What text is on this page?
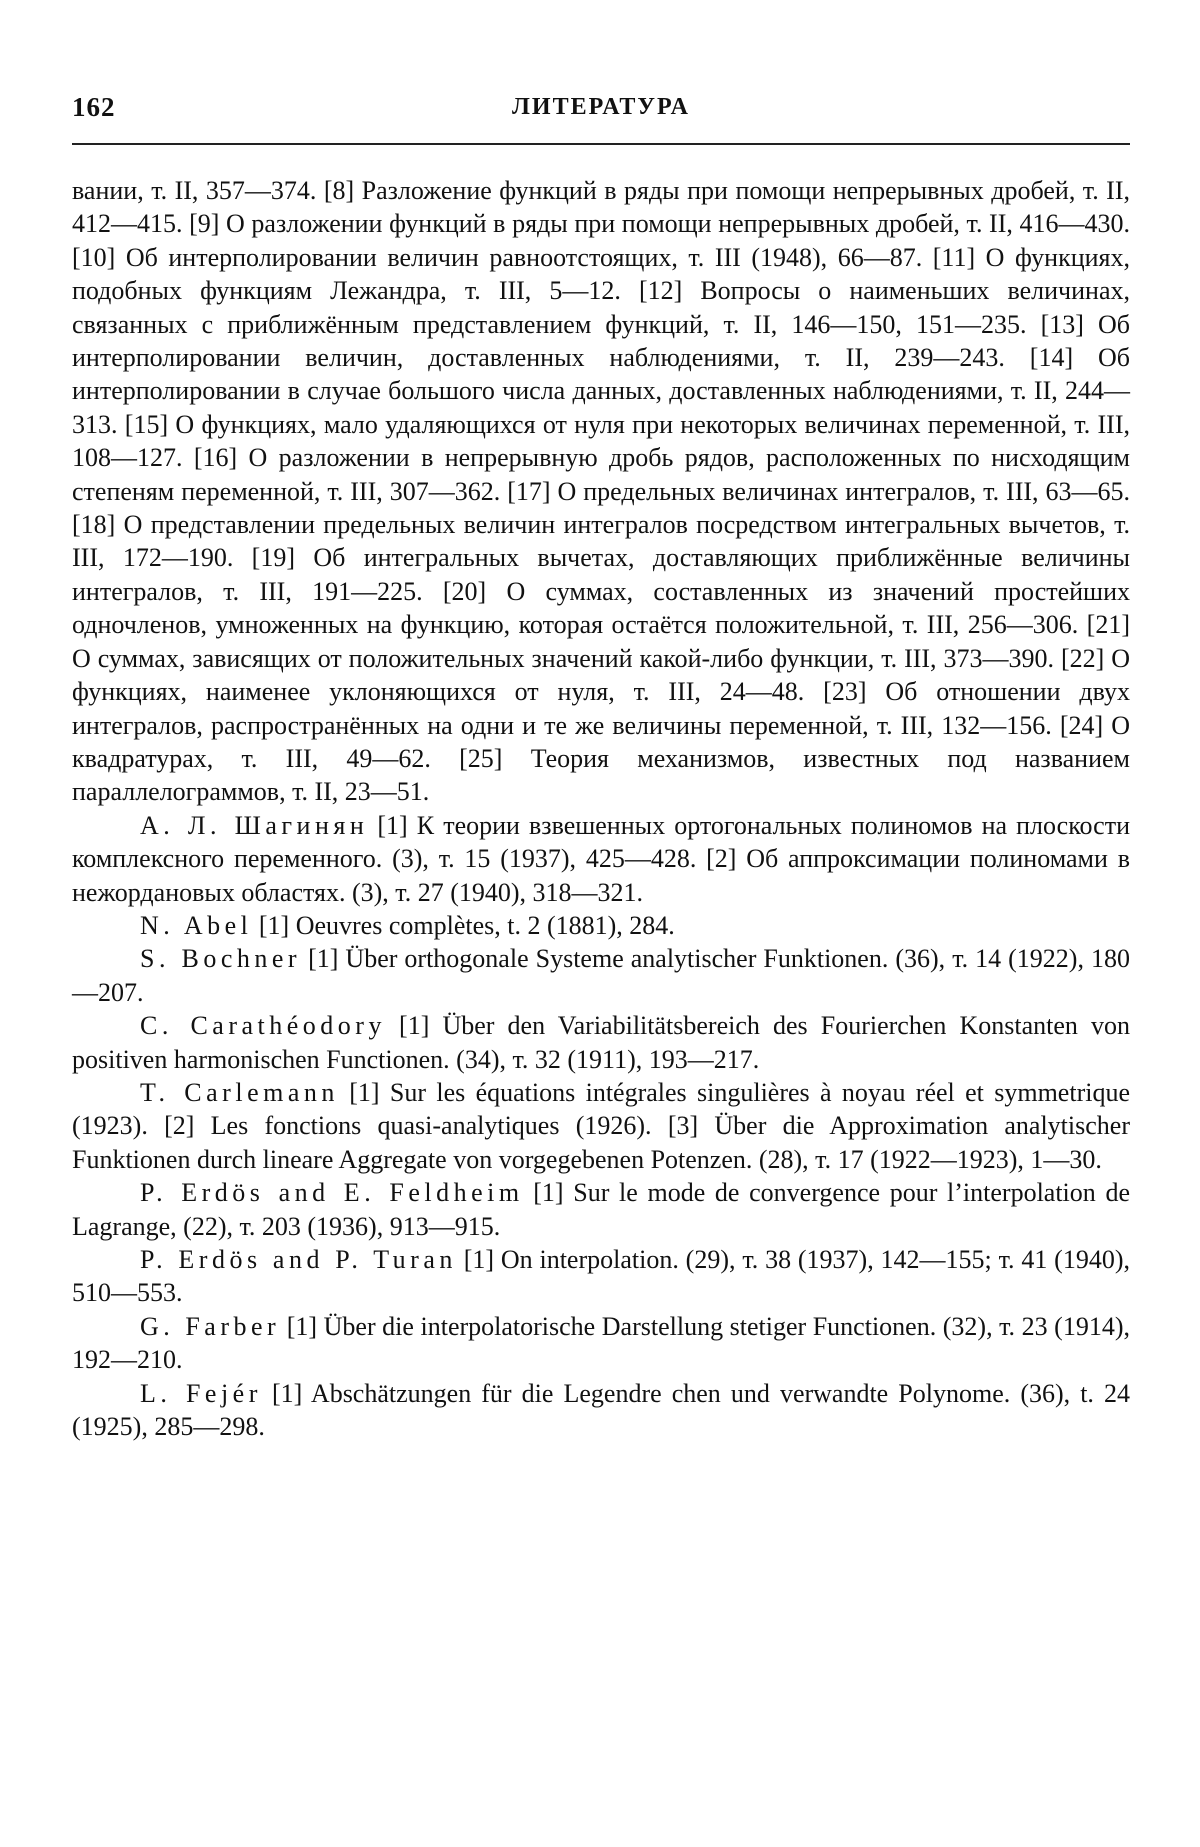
162	ЛИТЕРАТУРА

вании, т. II, 357—374. [8] Разложение функций в ряды при помощи непрерывных дробей, т. II, 412—415. [9] О разложении функций в ряды при помощи непрерывных дробей, т. II, 416—430. [10] Об интерполировании величин равноотстоящих, т. III (1948), 66—87. [11] О функциях, подобных функциям Лежандра, т. III, 5—12. [12] Вопросы о наименьших величинах, связанных с приближённым представлением функций, т. II, 146—150, 151—235. [13] Об интерполировании величин, доставленных наблюдениями, т. II, 239—243. [14] Об интерполировании в случае большого числа данных, доставленных наблюдениями, т. II, 244—313. [15] О функциях, мало удаляющихся от нуля при некоторых величинах переменной, т. III, 108—127. [16] О разложении в непрерывную дробь рядов, расположенных по нисходящим степеням переменной, т. III, 307—362. [17] О предельных величинах интегралов, т. III, 63—65. [18] О представлении предельных величин интегралов посредством интегральных вычетов, т. III, 172—190. [19] Об интегральных вычетах, доставляющих приближённые величины интегралов, т. III, 191—225. [20] О суммах, составленных из значений простейших одночленов, умноженных на функцию, которая остаётся положительной, т. III, 256—306. [21] О суммах, зависящих от положительных значений какой-либо функции, т. III, 373—390. [22] О функциях, наименее уклоняющихся от нуля, т. III, 24—48. [23] Об отношении двух интегралов, распространённых на одни и те же величины переменной, т. III, 132—156. [24] О квадратурах, т. III, 49—62. [25] Теория механизмов, известных под названием параллелограммов, т. II, 23—51.

А. Л. Шагинян [1] К теории взвешенных ортогональных полиномов на плоскости комплексного переменного. (3), т. 15 (1937), 425—428. [2] Об аппроксимации полиномами в нежордановых областях. (3), т. 27 (1940), 318—321.

N. Abel [1] Oeuvres complètes, t. 2 (1881), 284.

S. Bochner [1] Über orthogonale Systeme analytischer Funktionen. (36), т. 14 (1922), 180—207.

C. Carathéodory [1] Über den Variabilitätsbereich des Fourierchen Konstanten von positiven harmonischen Functionen. (34), т. 32 (1911), 193—217.

T. Carlemann [1] Sur les équations intégrales singulières à noyau réel et symmetrique (1923). [2] Les fonctions quasi-analytiques (1926). [3] Über die Approximation analytischer Funktionen durch lineare Aggregate von vorgegebenen Potenzen. (28), т. 17 (1922—1923), 1—30.

P. Erdös and E. Feldheim [1] Sur le mode de convergence pour l’interpolation de Lagrange, (22), т. 203 (1936), 913—915.

P. Erdös and P. Turan [1] On interpolation. (29), т. 38 (1937), 142—155; т. 41 (1940), 510—553.

G. Farber [1] Über die interpolatorische Darstellung stetiger Functionen. (32), т. 23 (1914), 192—210.

L. Fejér [1] Abschätzungen für die Legendre chen und verwandte Polynome. (36), t. 24 (1925), 285—298.
